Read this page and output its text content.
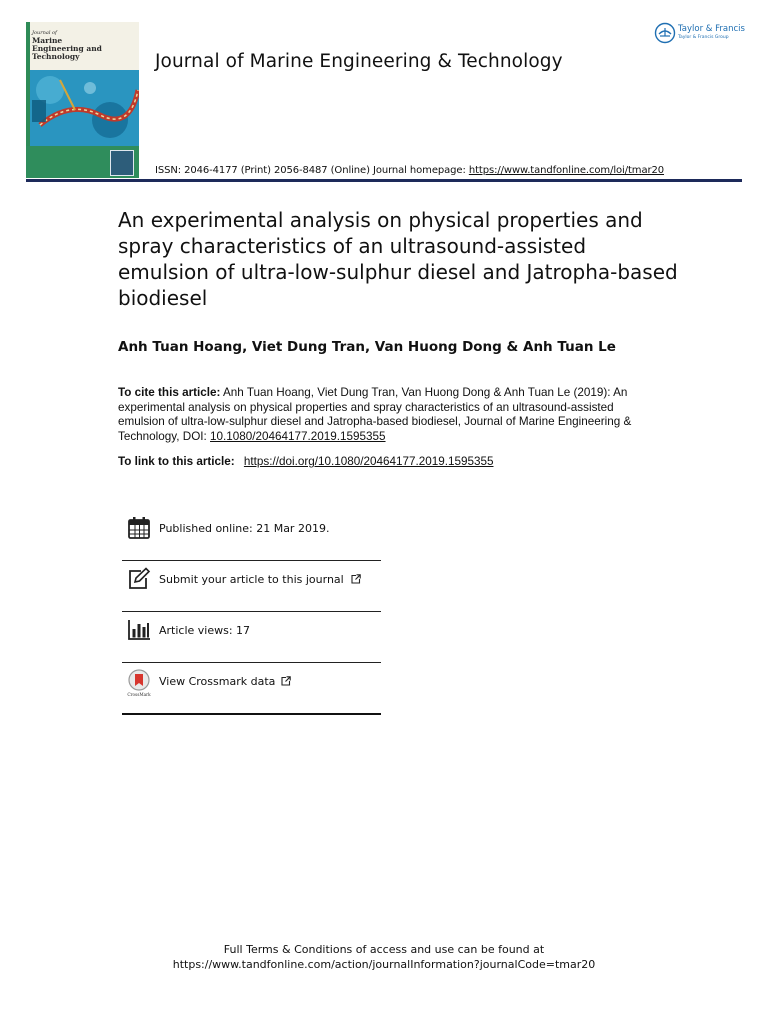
Journal of
Marine
Engineering and
Technology	Journal of Marine Engineering & Technology
ISSN: 2046-4177 (Print) 2056-8487 (Online) Journal homepage: https://www.tandfonline.com/loi/tmar20
Taylor & Francis
Taylor & Francis Group
An experimental analysis on physical properties and spray characteristics of an ultrasound-assisted emulsion of ultra-low-sulphur diesel and Jatropha-based biodiesel
Anh Tuan Hoang, Viet Dung Tran, Van Huong Dong & Anh Tuan Le
To cite this article: Anh Tuan Hoang, Viet Dung Tran, Van Huong Dong & Anh Tuan Le (2019): An experimental analysis on physical properties and spray characteristics of an ultrasound-assisted emulsion of ultra-low-sulphur diesel and Jatropha-based biodiesel, Journal of Marine Engineering & Technology, DOI: 10.1080/20464177.2019.1595355
To link to this article: https://doi.org/10.1080/20464177.2019.1595355
Published online: 21 Mar 2019.
Submit your article to this journal
Article views: 17
CrossMark
View Crossmark data
Full Terms & Conditions of access and use can be found at
https://www.tandfonline.com/action/journalInformation?journalCode=tmar20
